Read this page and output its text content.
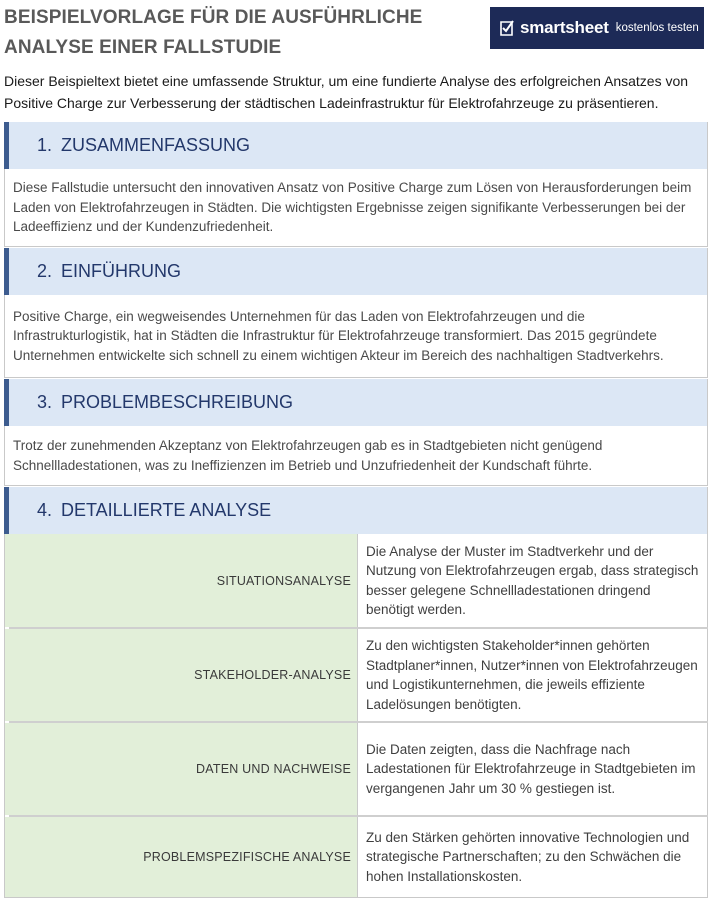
BEISPIELVORLAGE FÜR DIE AUSFÜHRLICHE ANALYSE EINER FALLSTUDIE
smartsheet kostenlos testen
Dieser Beispieltext bietet eine umfassende Struktur, um eine fundierte Analyse des erfolgreichen Ansatzes von Positive Charge zur Verbesserung der städtischen Ladeinfrastruktur für Elektrofahrzeuge zu präsentieren.
1. ZUSAMMENFASSUNG
Diese Fallstudie untersucht den innovativen Ansatz von Positive Charge zum Lösen von Herausforderungen beim Laden von Elektrofahrzeugen in Städten. Die wichtigsten Ergebnisse zeigen signifikante Verbesserungen bei der Ladeeffizienz und der Kundenzufriedenheit.
2. EINFÜHRUNG
Positive Charge, ein wegweisendes Unternehmen für das Laden von Elektrofahrzeugen und die Infrastrukturlogistik, hat in Städten die Infrastruktur für Elektrofahrzeuge transformiert. Das 2015 gegründete Unternehmen entwickelte sich schnell zu einem wichtigen Akteur im Bereich des nachhaltigen Stadtverkehrs.
3. PROBLEMBESCHREIBUNG
Trotz der zunehmenden Akzeptanz von Elektrofahrzeugen gab es in Stadtgebieten nicht genügend Schnellladestationen, was zu Ineffizienzen im Betrieb und Unzufriedenheit der Kundschaft führte.
4. DETAILLIERTE ANALYSE
SITUATIONSANALYSE
Die Analyse der Muster im Stadtverkehr und der Nutzung von Elektrofahrzeugen ergab, dass strategisch besser gelegene Schnellladestationen dringend benötigt werden.
STAKEHOLDER-ANALYSE
Zu den wichtigsten Stakeholder*innen gehörten Stadtplaner*innen, Nutzer*innen von Elektrofahrzeugen und Logistikunternehmen, die jeweils effiziente Ladelösungen benötigten.
DATEN UND NACHWEISE
Die Daten zeigten, dass die Nachfrage nach Ladestationen für Elektrofahrzeuge in Stadtgebieten im vergangenen Jahr um 30 % gestiegen ist.
PROBLEMSPEZIFISCHE ANALYSE
Zu den Stärken gehörten innovative Technologien und strategische Partnerschaften; zu den Schwächen die hohen Installationskosten.
